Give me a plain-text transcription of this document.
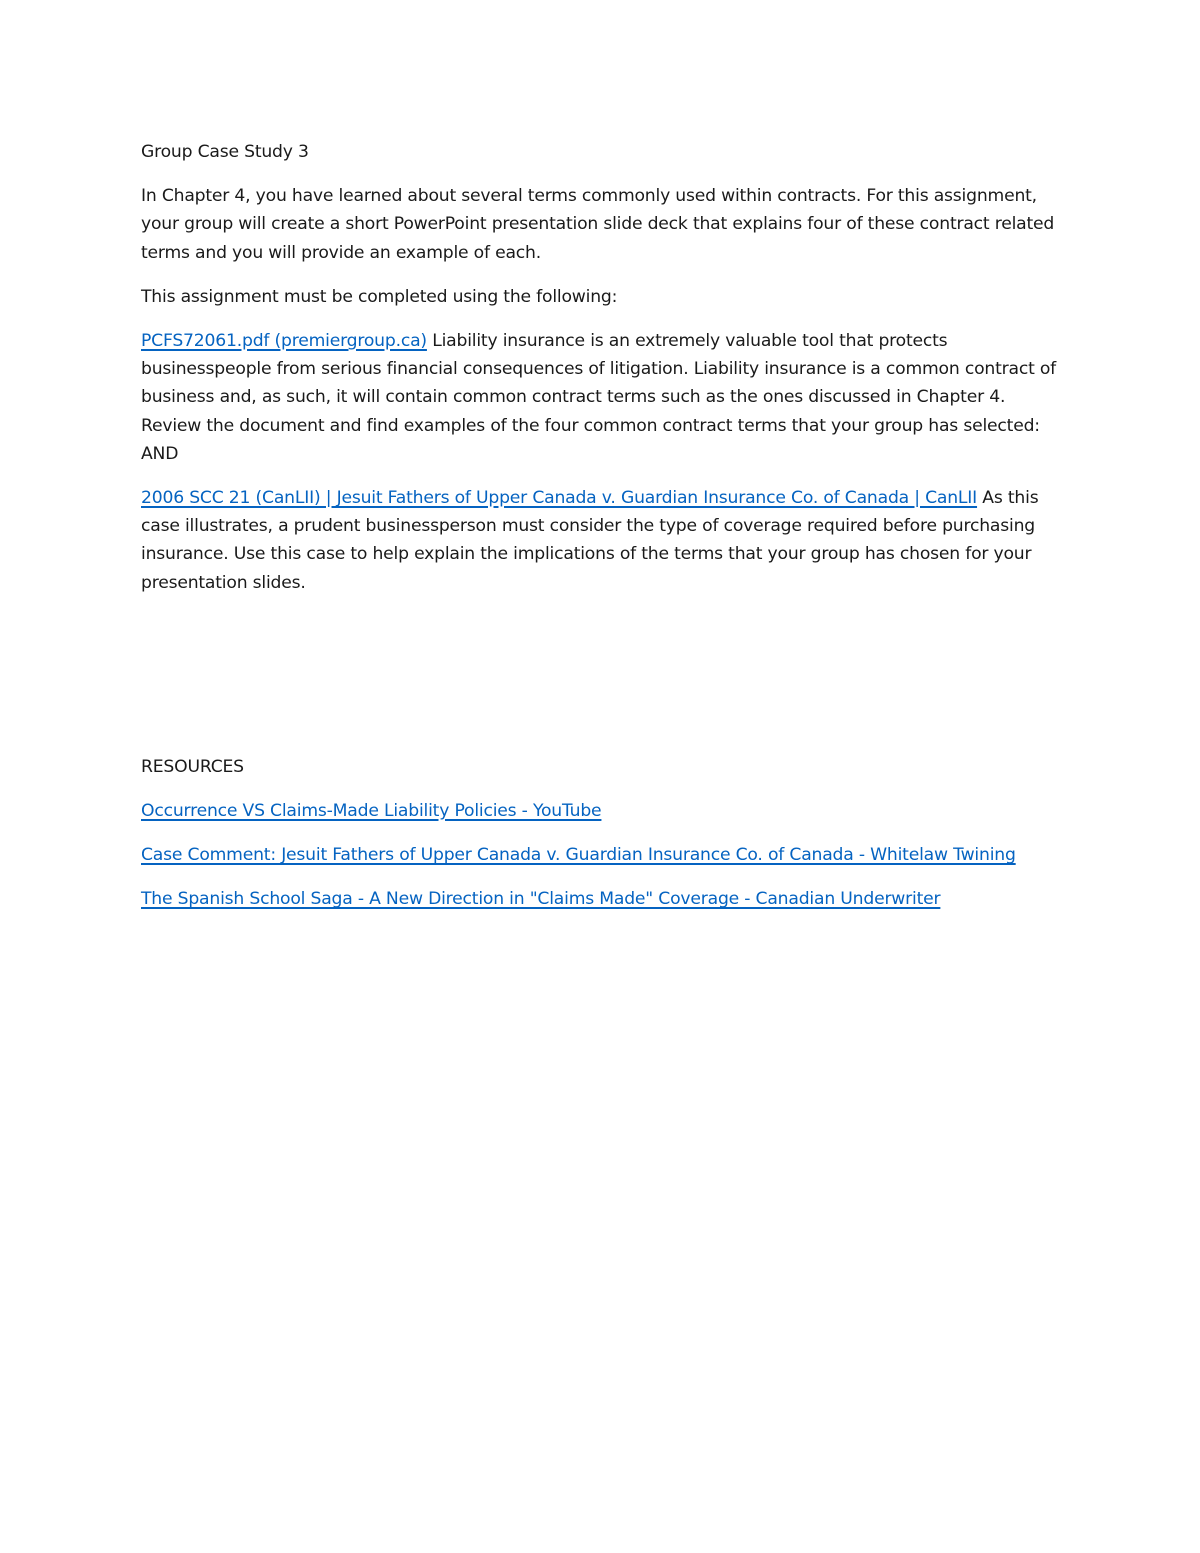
Group Case Study 3
In Chapter 4, you have learned about several terms commonly used within contracts. For this assignment, your group will create a short PowerPoint presentation slide deck that explains four of these contract related terms and you will provide an example of each.
This assignment must be completed using the following:
PCFS72061.pdf (premiergroup.ca) Liability insurance is an extremely valuable tool that protects businesspeople from serious financial consequences of litigation. Liability insurance is a common contract of business and, as such, it will contain common contract terms such as the ones discussed in Chapter 4. Review the document and find examples of the four common contract terms that your group has selected: AND
2006 SCC 21 (CanLII) | Jesuit Fathers of Upper Canada v. Guardian Insurance Co. of Canada | CanLII As this case illustrates, a prudent businessperson must consider the type of coverage required before purchasing insurance. Use this case to help explain the implications of the terms that your group has chosen for your presentation slides.
RESOURCES
Occurrence VS Claims-Made Liability Policies - YouTube
Case Comment: Jesuit Fathers of Upper Canada v. Guardian Insurance Co. of Canada - Whitelaw Twining
The Spanish School Saga - A New Direction in "Claims Made" Coverage - Canadian Underwriter
